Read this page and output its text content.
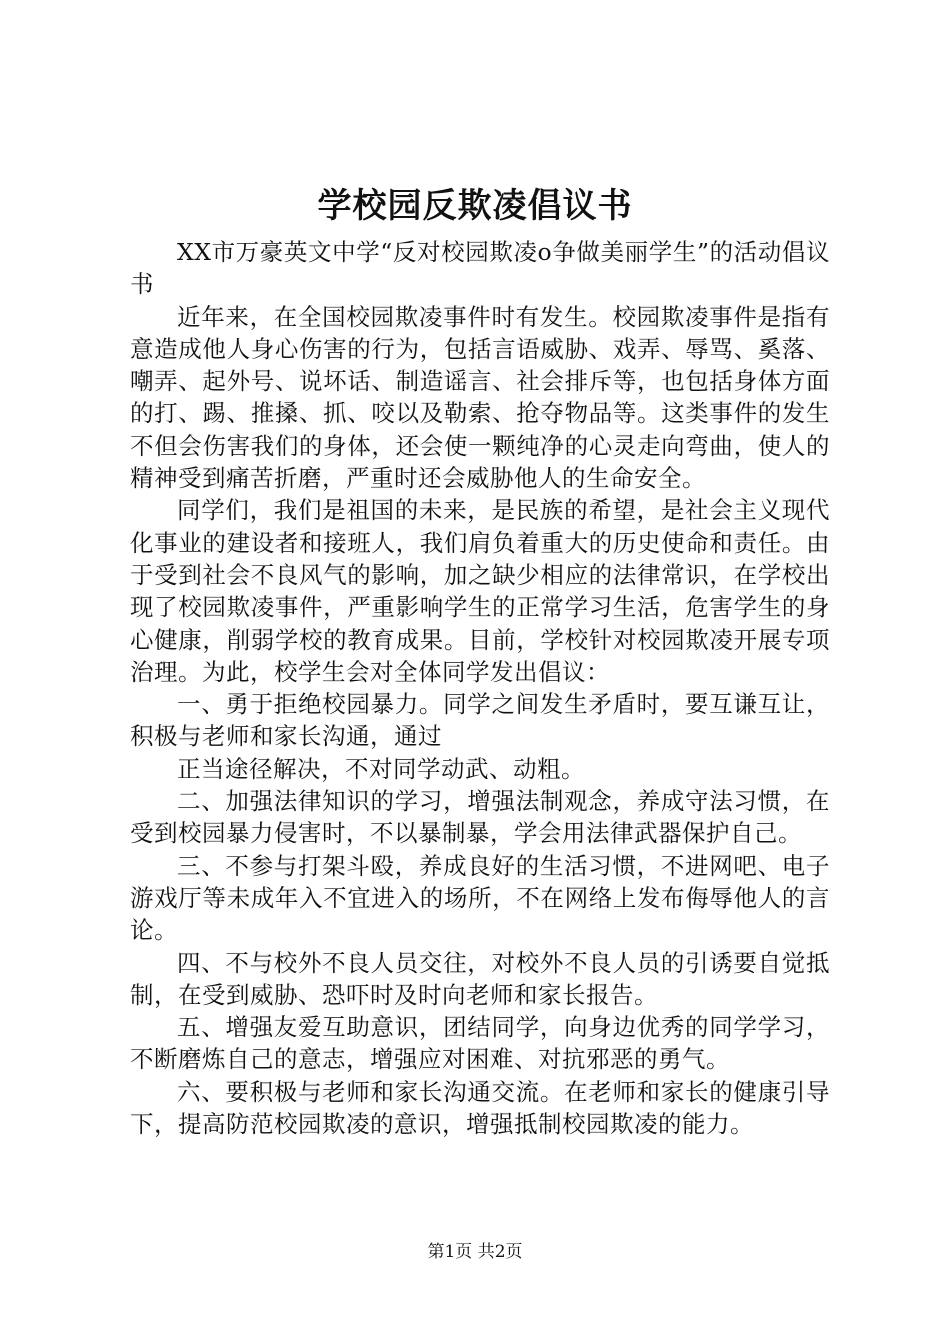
学校园反欺凌倡议书

XX市万豪英文中学“反对校园欺凌o争做美丽学生”的活动倡议书

近年来，在全国校园欺凌事件时有发生。校园欺凌事件是指有意造成他人身心伤害的行为，包括言语威胁、戏弄、辱骂、奚落、嘲弄、起外号、说坏话、制造谣言、社会排斥等，也包括身体方面的打、踢、推搡、抓、咬以及勒索、抢夺物品等。这类事件的发生不但会伤害我们的身体，还会使一颗纯净的心灵走向弯曲，使人的精神受到痛苦折磨，严重时还会威胁他人的生命安全。

同学们，我们是祖国的未来，是民族的希望，是社会主义现代化事业的建设者和接班人，我们肩负着重大的历史使命和责任。由于受到社会不良风气的影响，加之缺少相应的法律常识，在学校出现了校园欺凌事件，严重影响学生的正常学习生活，危害学生的身心健康，削弱学校的教育成果。目前，学校针对校园欺凌开展专项治理。为此，校学生会对全体同学发出倡议：

一、勇于拒绝校园暴力。同学之间发生矛盾时，要互谦互让，积极与老师和家长沟通，通过

正当途径解决，不对同学动武、动粗。

二、加强法律知识的学习，增强法制观念，养成守法习惯，在受到校园暴力侵害时，不以暴制暴，学会用法律武器保护自己。

三、不参与打架斗殴，养成良好的生活习惯，不进网吧、电子游戏厅等未成年入不宜进入的场所，不在网络上发布侮辱他人的言论。

四、不与校外不良人员交往，对校外不良人员的引诱要自觉抵制，在受到威胁、恐吓时及时向老师和家长报告。

五、增强友爱互助意识，团结同学，向身边优秀的同学学习，不断磨炼自己的意志，增强应对困难、对抗邪恶的勇气。

六、要积极与老师和家长沟通交流。在老师和家长的健康引导下，提高防范校园欺凌的意识，增强抵制校园欺凌的能力。

第1页 共2页
